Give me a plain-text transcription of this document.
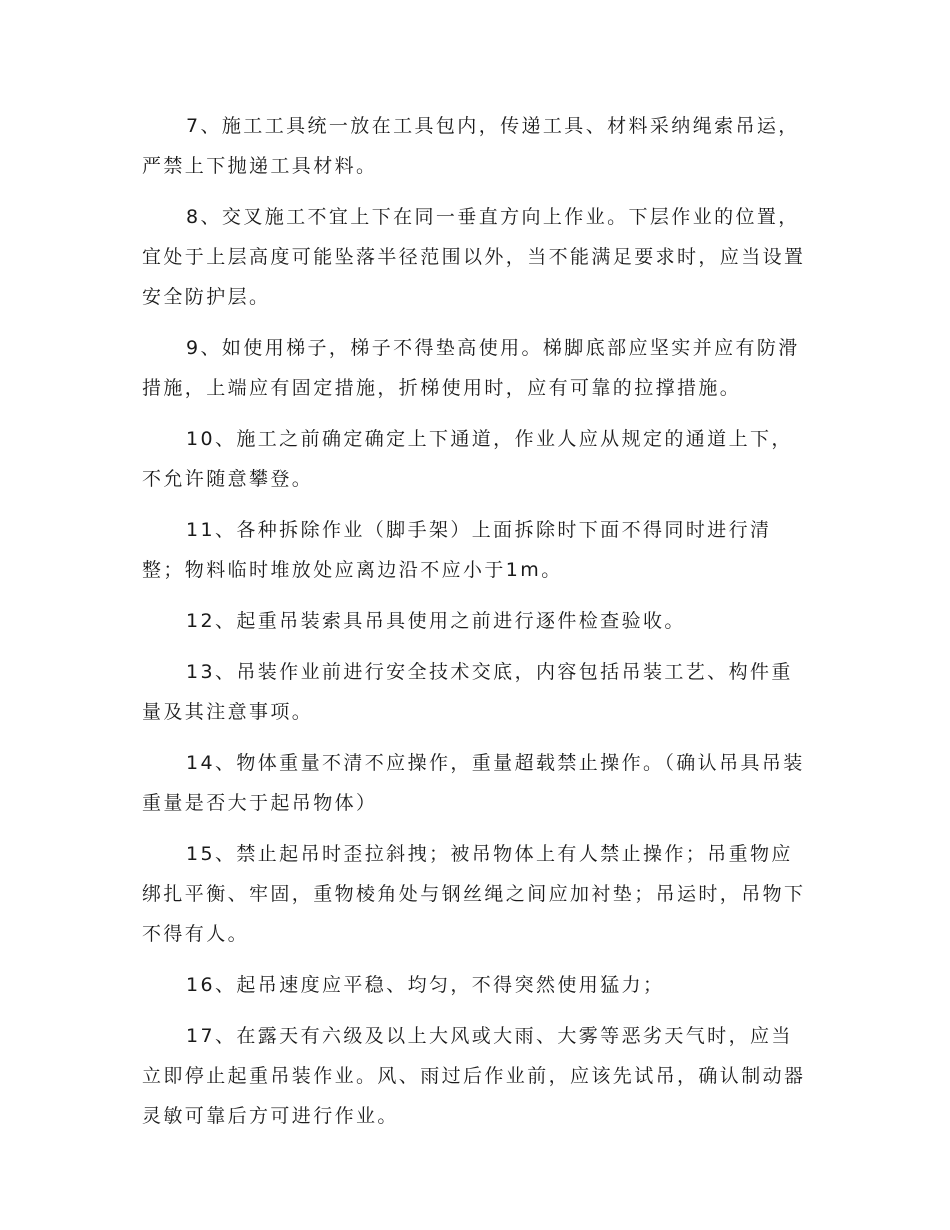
7、施工工具统一放在工具包内，传递工具、材料采纳绳索吊运，严禁上下抛递工具材料。

8、交叉施工不宜上下在同一垂直方向上作业。下层作业的位置，宜处于上层高度可能坠落半径范围以外，当不能满足要求时，应当设置安全防护层。

9、如使用梯子，梯子不得垫高使用。梯脚底部应坚实并应有防滑措施，上端应有固定措施，折梯使用时，应有可靠的拉撑措施。

10、施工之前确定确定上下通道，作业人应从规定的通道上下，不允许随意攀登。

11、各种拆除作业（脚手架）上面拆除时下面不得同时进行清整；物料临时堆放处应离边沿不应小于1m。

12、起重吊装索具吊具使用之前进行逐件检查验收。

13、吊装作业前进行安全技术交底，内容包括吊装工艺、构件重量及其注意事项。

14、物体重量不清不应操作，重量超载禁止操作。（确认吊具吊装重量是否大于起吊物体）

15、禁止起吊时歪拉斜拽；被吊物体上有人禁止操作；吊重物应绑扎平衡、牢固，重物棱角处与钢丝绳之间应加衬垫；吊运时，吊物下不得有人。

16、起吊速度应平稳、均匀，不得突然使用猛力；

17、在露天有六级及以上大风或大雨、大雾等恶劣天气时，应当立即停止起重吊装作业。风、雨过后作业前，应该先试吊，确认制动器灵敏可靠后方可进行作业。
